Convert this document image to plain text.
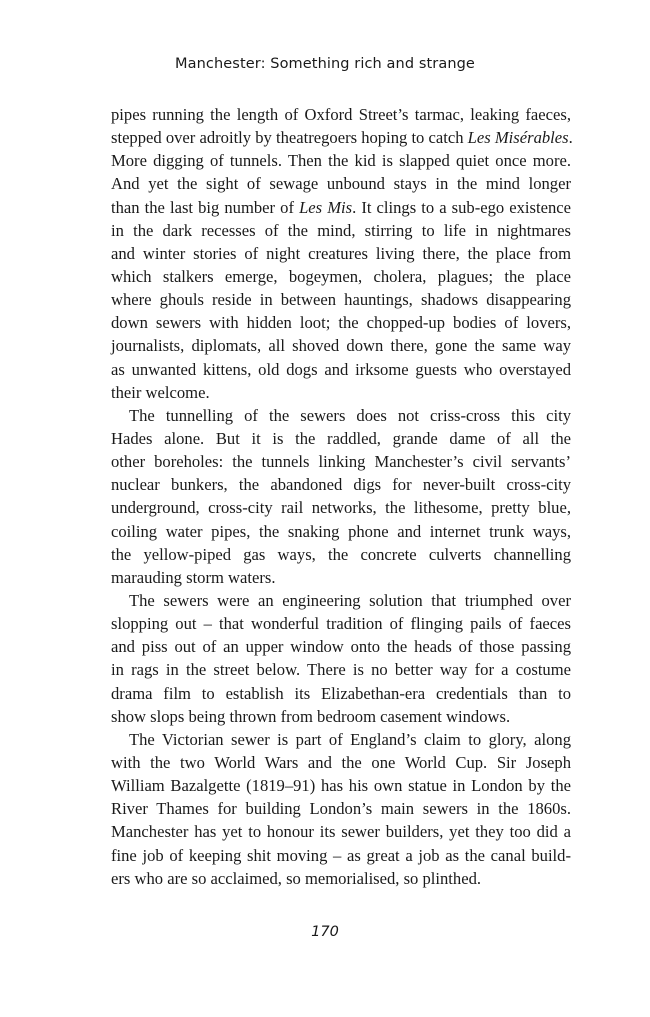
Manchester: Something rich and strange
pipes running the length of Oxford Street’s tarmac, leaking faeces,
stepped over adroitly by theatregoers hoping to catch Les Misérables.
More digging of tunnels. Then the kid is slapped quiet once more.
And yet the sight of sewage unbound stays in the mind longer
than the last big number of Les Mis. It clings to a sub-ego existence
in the dark recesses of the mind, stirring to life in nightmares
and winter stories of night creatures living there, the place from
which stalkers emerge, bogeymen, cholera, plagues; the place
where ghouls reside in between hauntings, shadows disappearing
down sewers with hidden loot; the chopped-up bodies of lovers,
journalists, diplomats, all shoved down there, gone the same way
as unwanted kittens, old dogs and irksome guests who overstayed
their welcome.
The tunnelling of the sewers does not criss-cross this city
Hades alone. But it is the raddled, grande dame of all the
other boreholes: the tunnels linking Manchester’s civil servants’
nuclear bunkers, the abandoned digs for never-built cross-city
underground, cross-city rail networks, the lithesome, pretty blue,
coiling water pipes, the snaking phone and internet trunk ways,
the yellow-piped gas ways, the concrete culverts channelling
marauding storm waters.
The sewers were an engineering solution that triumphed over
slopping out – that wonderful tradition of flinging pails of faeces
and piss out of an upper window onto the heads of those passing
in rags in the street below. There is no better way for a costume
drama film to establish its Elizabethan-era credentials than to
show slops being thrown from bedroom casement windows.
The Victorian sewer is part of England’s claim to glory, along
with the two World Wars and the one World Cup. Sir Joseph
William Bazalgette (1819–91) has his own statue in London by the
River Thames for building London’s main sewers in the 1860s.
Manchester has yet to honour its sewer builders, yet they too did a
fine job of keeping shit moving – as great a job as the canal build-
ers who are so acclaimed, so memorialised, so plinthed.
170
